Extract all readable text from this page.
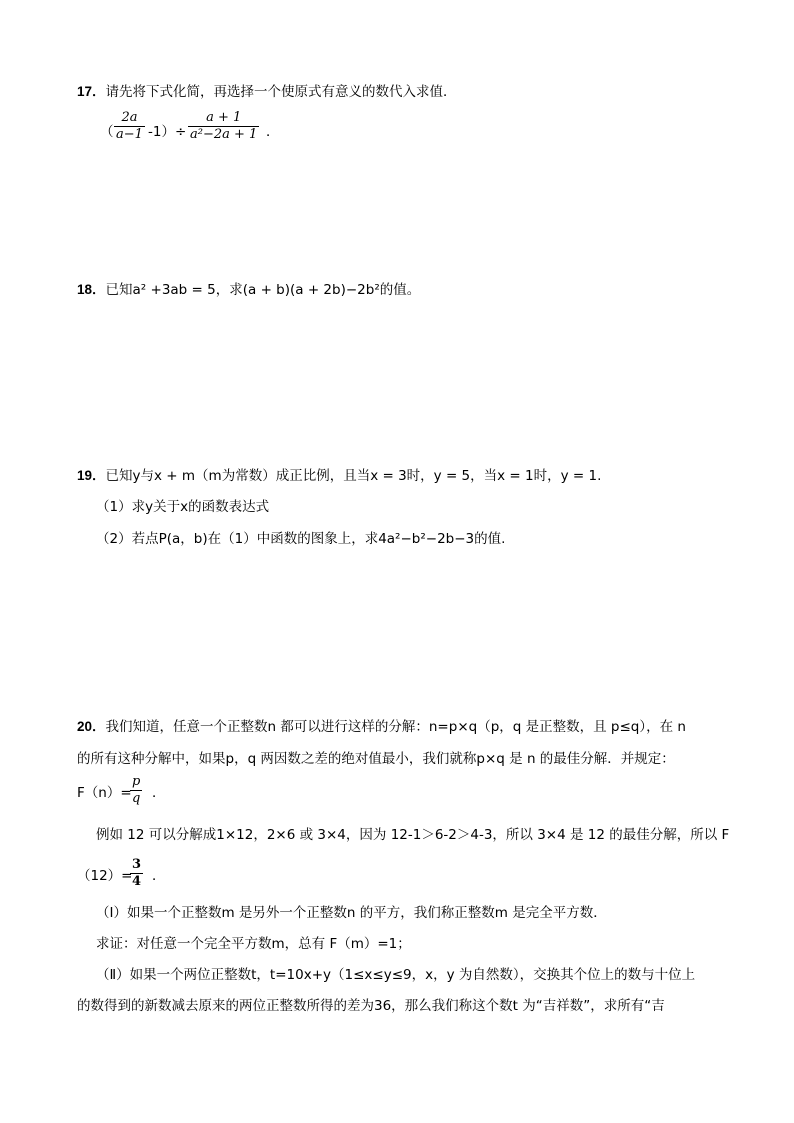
17．请先将下式化简，再选择一个使原式有意义的数代入求值．
（ $\frac{2a}{a-1} -1)\div \frac{a + 1}{\text{a²−2a + 1}}$ ．
18．已知a² +3ab = 5，求(a + b)(a + 2b)−2b²的值。
19．已知y与x + m（m为常数）成正比例，且当x = 3时，y = 5，当x = 1时，y = 1.
（1）求y关于x的函数表达式
（2）若点P(a，b)在（1）中函数的图象上，求4a²−b²−2b−3的值.
20．我们知道，任意一个正整数n 都可以进行这样的分解：n=p×q（p，q 是正整数，且 p≤q），在 n
的所有这种分解中，如果p，q 两因数之差的绝对值最小，我们就称p×q 是 n 的最佳分解．并规定：
F（n）=
$\frac{p}{q}$ ．
例如 12 可以分解成1×12，2×6 或 3×4，因为 12-1＞6-2＞4-3，所以 3×4 是 12 的最佳分解，所以 F
（12）=
$\frac{3}{4}$ ．
（Ⅰ）如果一个正整数m 是另外一个正整数n 的平方，我们称正整数m 是完全平方数．
求证：对任意一个完全平方数m，总有 F（m）=1；
（Ⅱ）如果一个两位正整数t，t=10x+y（1≤x≤y≤9，x，y 为自然数），交换其个位上的数与十位上
的数得到的新数减去原来的两位正整数所得的差为36，那么我们称这个数t 为“吉祥数”，求所有“吉
